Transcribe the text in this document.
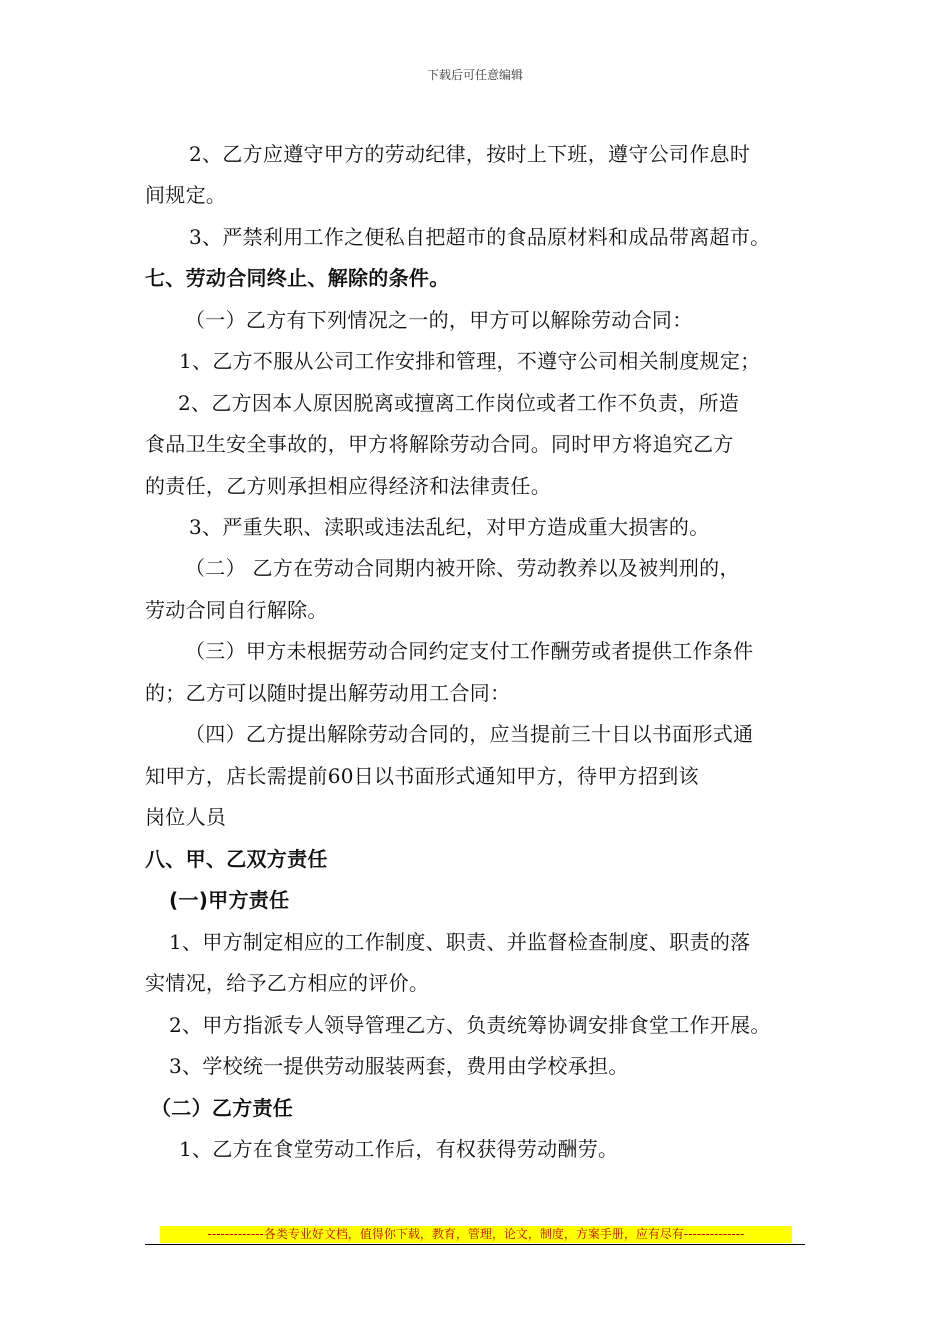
下载后可任意编辑
2、乙方应遵守甲方的劳动纪律，按时上下班，遵守公司作息时
间规定。
3、严禁利用工作之便私自把超市的食品原材料和成品带离超市。
七、劳动合同终止、解除的条件。
（一）乙方有下列情况之一的，甲方可以解除劳动合同：
1、乙方不服从公司工作安排和管理，不遵守公司相关制度规定；
2、乙方因本人原因脱离或擅离工作岗位或者工作不负责，所造
食品卫生安全事故的，甲方将解除劳动合同。同时甲方将追究乙方
的责任，乙方则承担相应得经济和法律责任。
3、严重失职、渎职或违法乱纪，对甲方造成重大损害的。
（二） 乙方在劳动合同期内被开除、劳动教养以及被判刑的，
劳动合同自行解除。
（三）甲方未根据劳动合同约定支付工作酬劳或者提供工作条件
的；乙方可以随时提出解劳动用工合同：
（四）乙方提出解除劳动合同的，应当提前三十日以书面形式通
知甲方，店长需提前60日以书面形式通知甲方，待甲方招到该
岗位人员
八、甲、乙双方责任
(一)甲方责任
1、甲方制定相应的工作制度、职责、并监督检查制度、职责的落
实情况，给予乙方相应的评价。
2、甲方指派专人领导管理乙方、负责统筹协调安排食堂工作开展。
3、学校统一提供劳动服装两套，费用由学校承担。
（二）乙方责任
1、乙方在食堂劳动工作后，有权获得劳动酬劳。
-------------各类专业好文档，值得你下载，教育，管理，论文，制度，方案手册，应有尽有--------------
